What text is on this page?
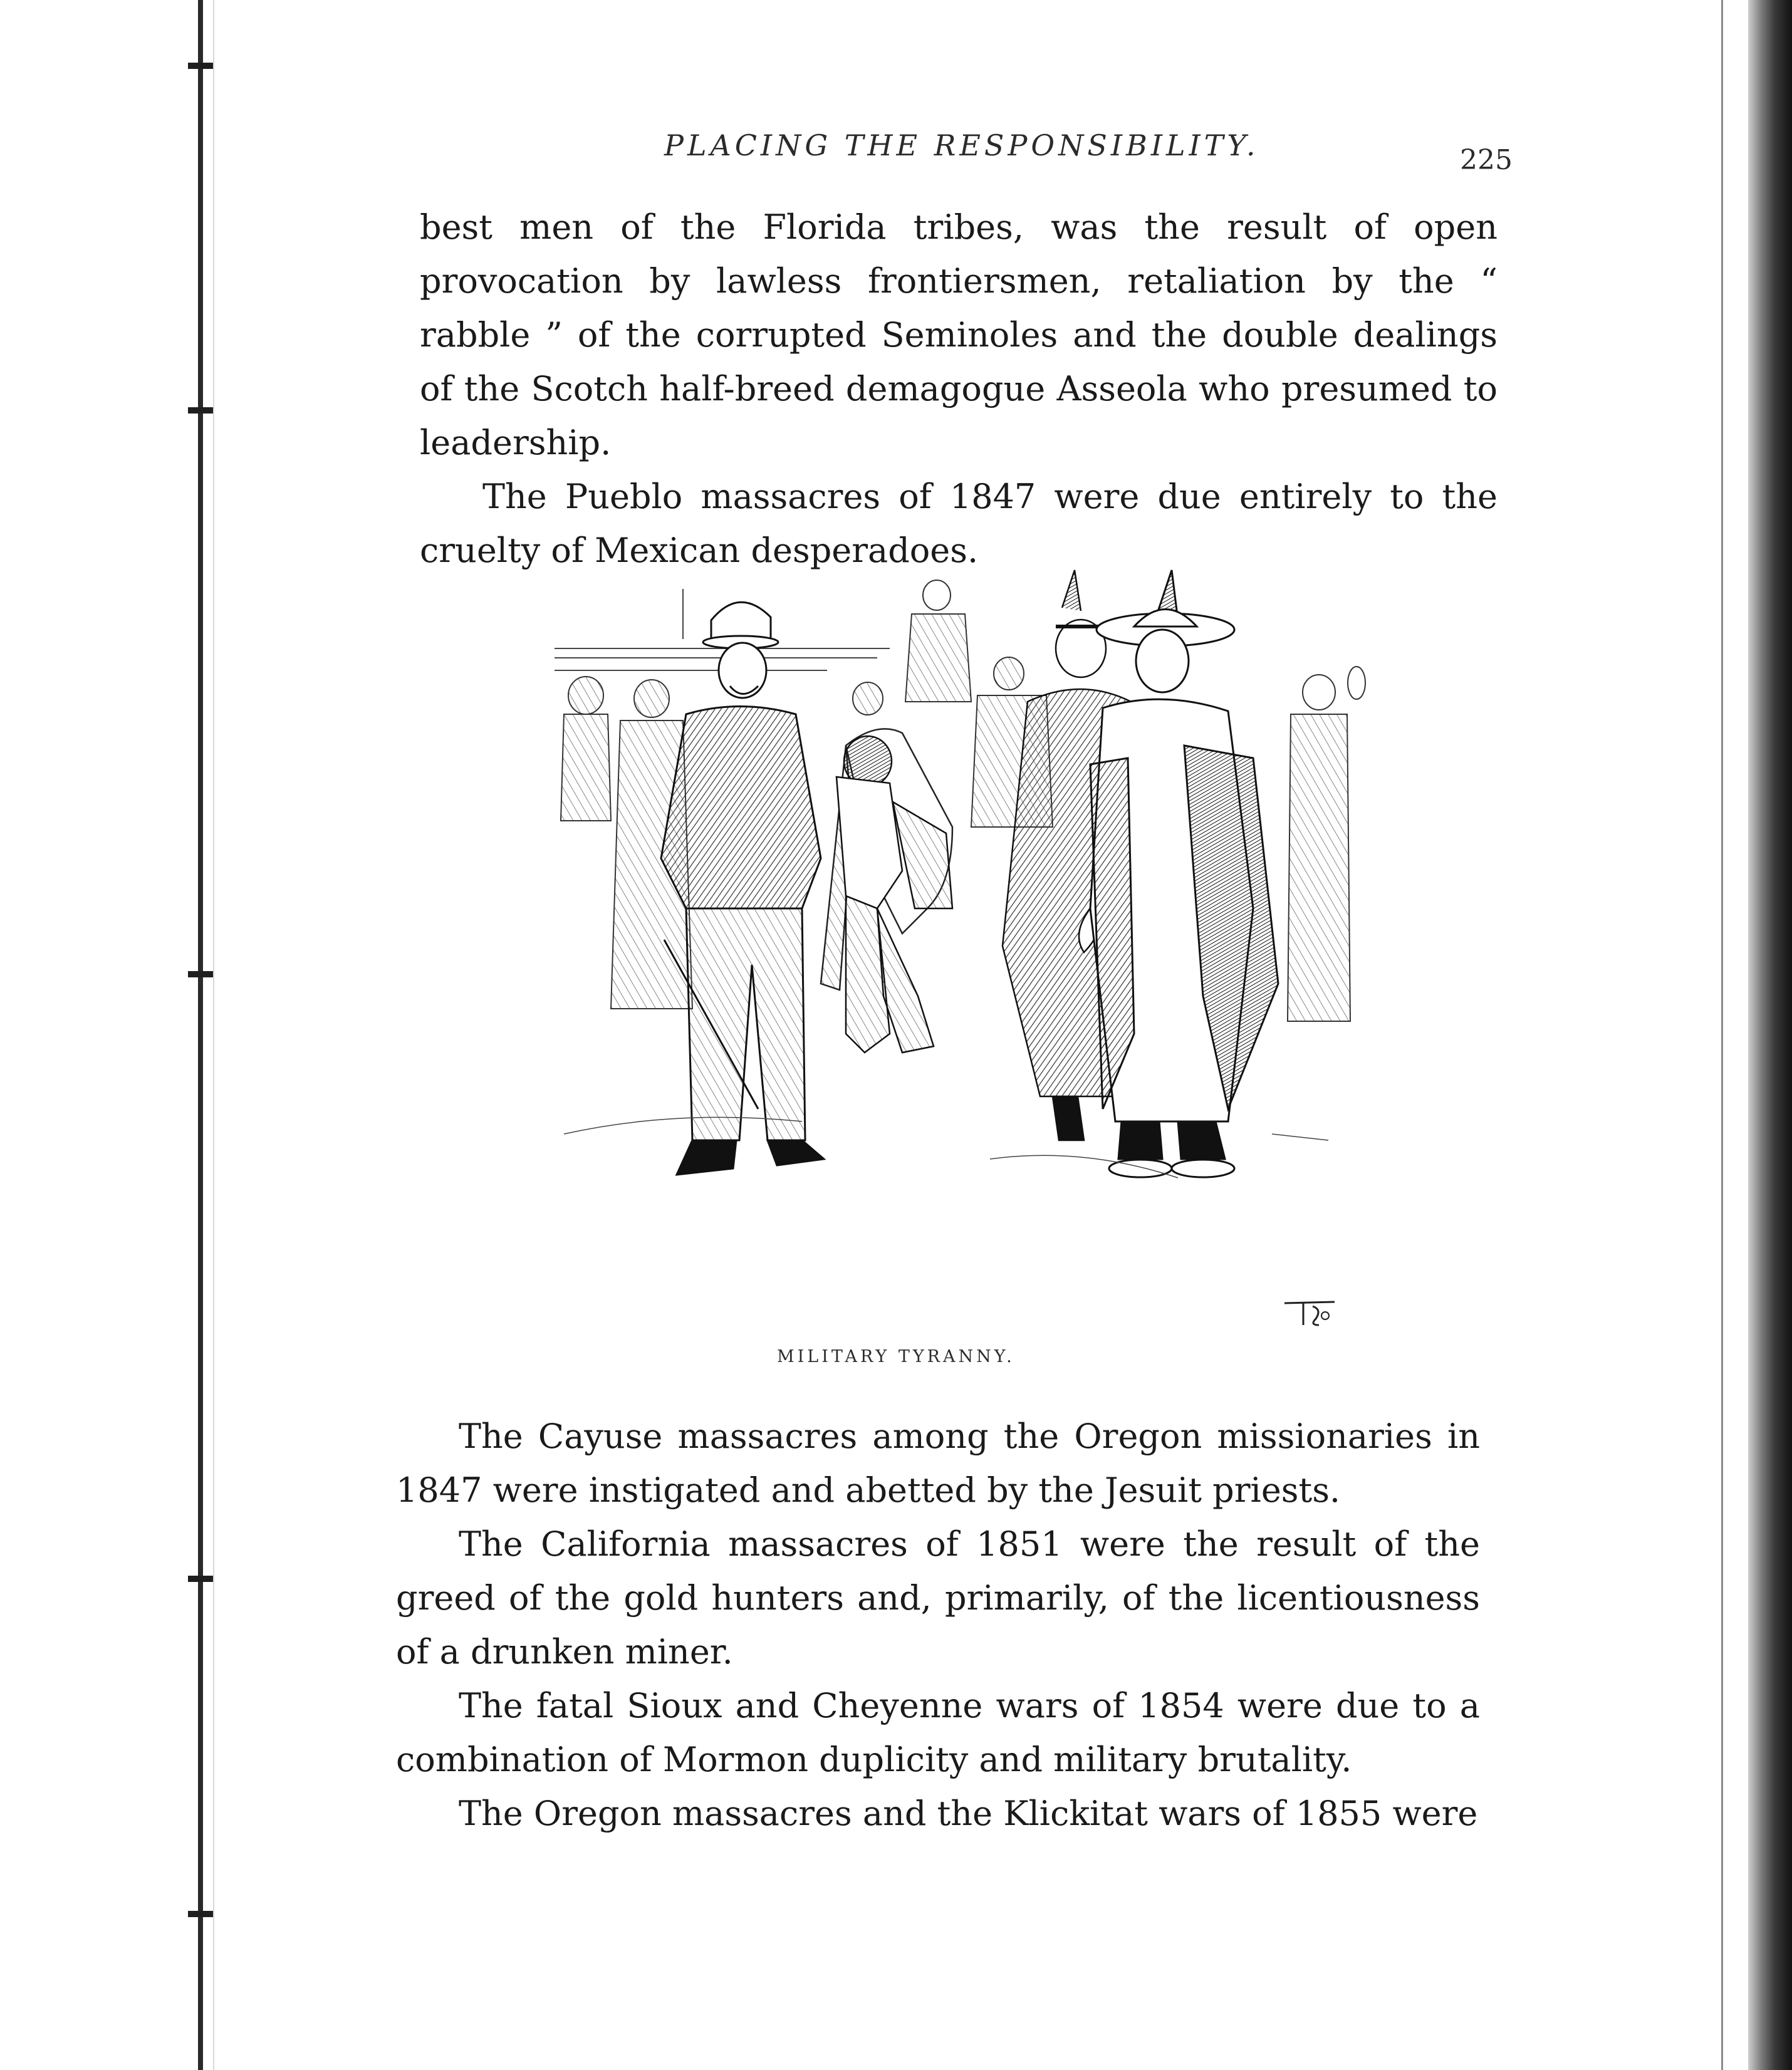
PLACING THE RESPONSIBILITY.	225

best men of the Florida tribes, was the result of open provocation by lawless frontiersmen, retaliation by the “ rabble ” of the corrupted Seminoles and the double dealings of the Scotch half-breed demagogue Asseola who presumed to leadership.

The Pueblo massacres of 1847 were due entirely to the cruelty of Mexican desperadoes.

MILITARY TYRANNY.

The Cayuse massacres among the Oregon missionaries in 1847 were instigated and abetted by the Jesuit priests.

The California massacres of 1851 were the result of the greed of the gold hunters and, primarily, of the licentiousness of a drunken miner.

The fatal Sioux and Cheyenne wars of 1854 were due to a combination of Mormon duplicity and military brutality.

The Oregon massacres and the Klickitat wars of 1855 were
